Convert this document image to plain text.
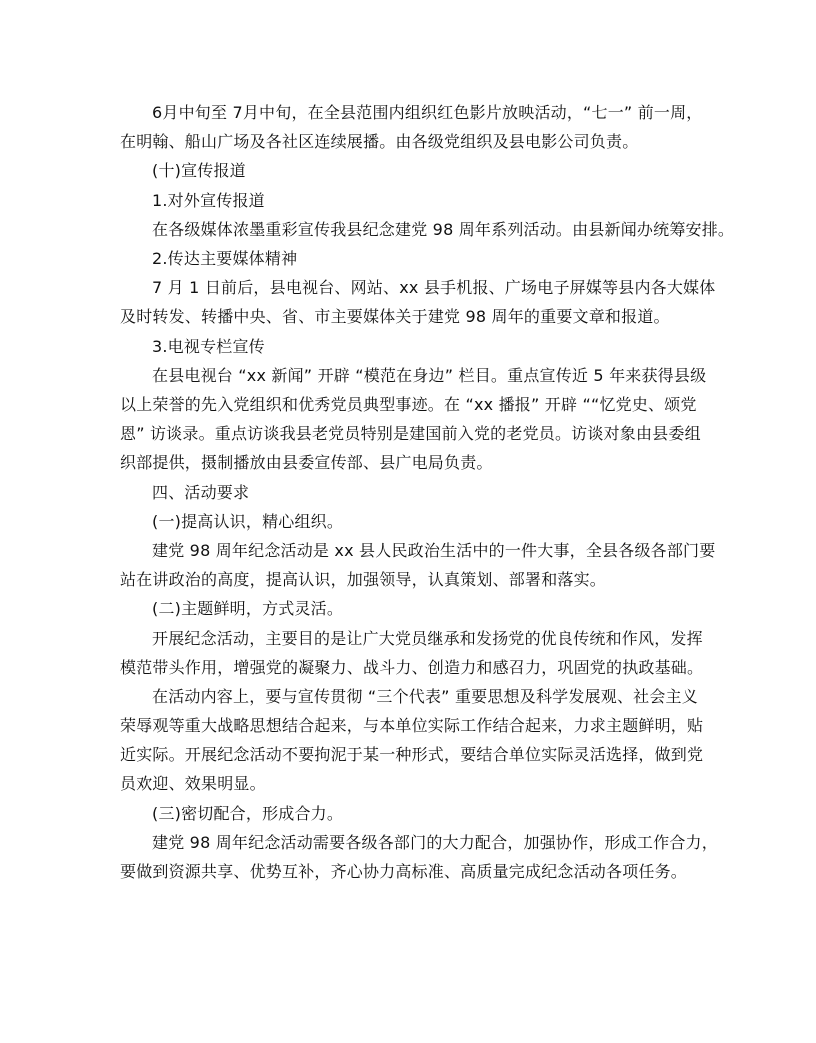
6月中旬至 7月中旬，在全县范围内组织红色影片放映活动，“七一” 前一周，
在明翰、船山广场及各社区连续展播。由各级党组织及县电影公司负责。
(十)宣传报道
1.对外宣传报道
在各级媒体浓墨重彩宣传我县纪念建党 98 周年系列活动。由县新闻办统筹安排。
2.传达主要媒体精神
7 月 1 日前后，县电视台、网站、xx 县手机报、广场电子屏媒等县内各大媒体
及时转发、转播中央、省、市主要媒体关于建党 98 周年的重要文章和报道。
3.电视专栏宣传
在县电视台 “xx 新闻” 开辟 “模范在身边” 栏目。重点宣传近 5 年来获得县级
以上荣誉的先入党组织和优秀党员典型事迹。在 “xx 播报” 开辟 ““忆党史、颂党
恩” 访谈录。重点访谈我县老党员特别是建国前入党的老党员。访谈对象由县委组
织部提供，摄制播放由县委宣传部、县广电局负责。
四、活动要求
(一)提高认识，精心组织。
建党 98 周年纪念活动是 xx 县人民政治生活中的一件大事，全县各级各部门要
站在讲政治的高度，提高认识，加强领导，认真策划、部署和落实。
(二)主题鲜明，方式灵活。
开展纪念活动，主要目的是让广大党员继承和发扬党的优良传统和作风，发挥
模范带头作用，增强党的凝聚力、战斗力、创造力和感召力，巩固党的执政基础。
在活动内容上，要与宣传贯彻 “三个代表” 重要思想及科学发展观、社会主义
荣辱观等重大战略思想结合起来，与本单位实际工作结合起来，力求主题鲜明，贴
近实际。开展纪念活动不要拘泥于某一种形式，要结合单位实际灵活选择，做到党
员欢迎、效果明显。
(三)密切配合，形成合力。
建党 98 周年纪念活动需要各级各部门的大力配合，加强协作，形成工作合力，
要做到资源共享、优势互补，齐心协力高标准、高质量完成纪念活动各项任务。
